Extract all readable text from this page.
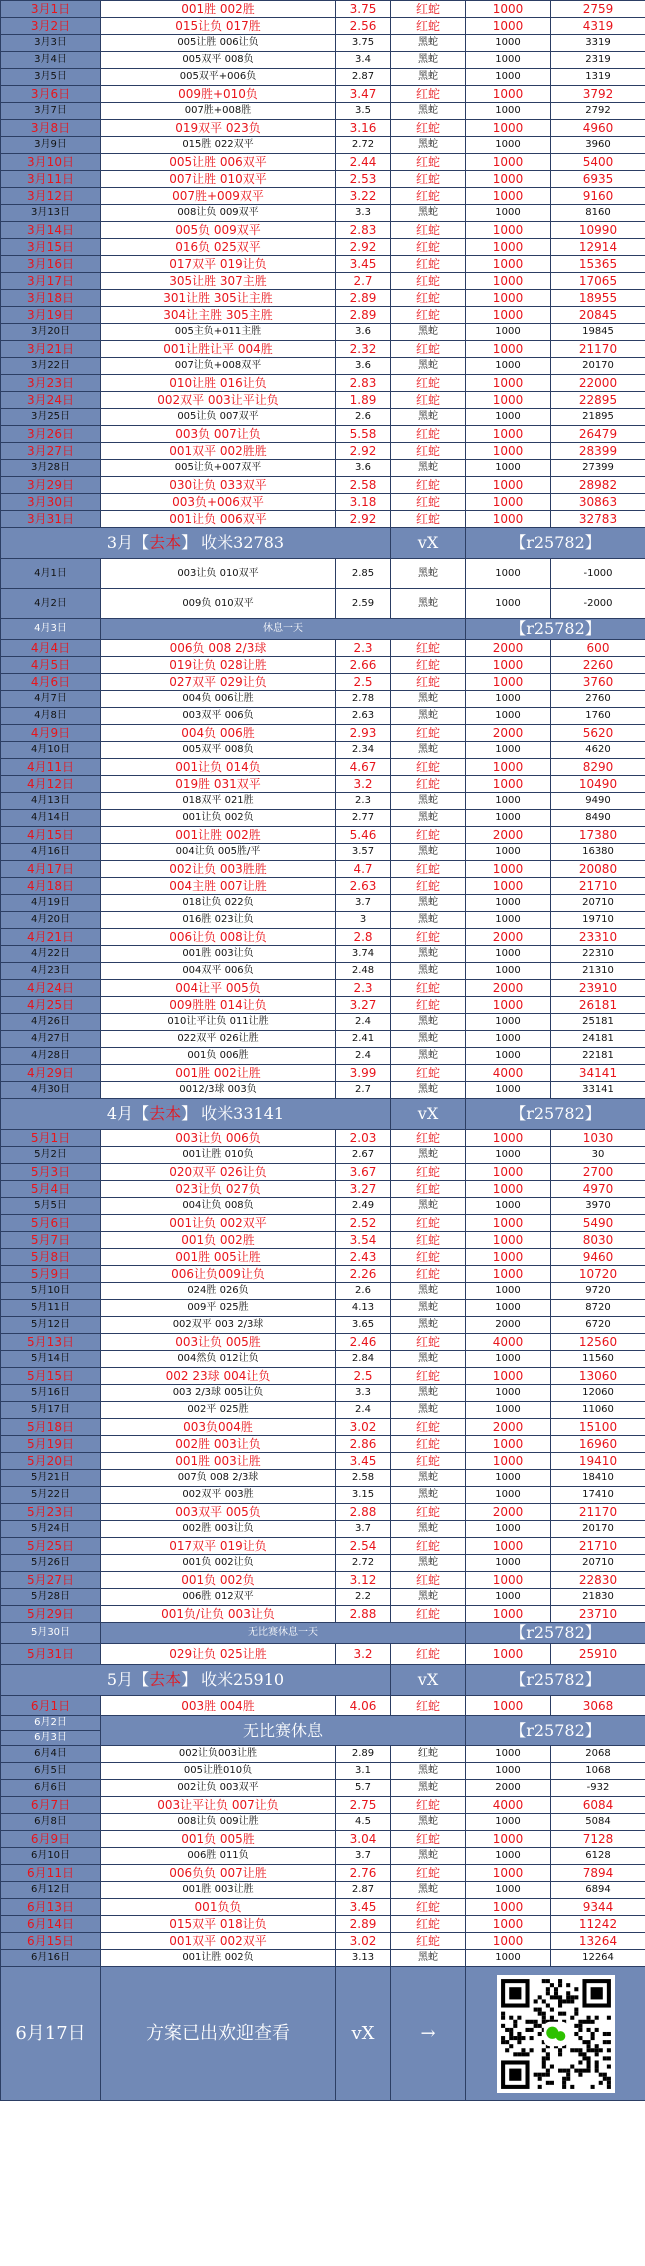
3月1日	001胜 002胜	3.75	红蛇	1000	2759
3月2日	015让负 017胜	2.56	红蛇	1000	4319
3月3日	005让胜 006让负	3.75	黑蛇	1000	3319
3月4日	005双平 008负	3.4	黑蛇	1000	2319
3月5日	005双平+006负	2.87	黑蛇	1000	1319
3月6日	009胜+010负	3.47	红蛇	1000	3792
3月7日	007胜+008胜	3.5	黑蛇	1000	2792
3月8日	019双平 023负	3.16	红蛇	1000	4960
3月9日	015胜 022双平	2.72	黑蛇	1000	3960
3月10日	005让胜 006双平	2.44	红蛇	1000	5400
3月11日	007让胜 010双平	2.53	红蛇	1000	6935
3月12日	007胜+009双平	3.22	红蛇	1000	9160
3月13日	008让负 009双平	3.3	黑蛇	1000	8160
3月14日	005负 009双平	2.83	红蛇	1000	10990
3月15日	016负 025双平	2.92	红蛇	1000	12914
3月16日	017双平 019让负	3.45	红蛇	1000	15365
3月17日	305让胜 307主胜	2.7	红蛇	1000	17065
3月18日	301让胜 305让主胜	2.89	红蛇	1000	18955
3月19日	304让主胜 305主胜	2.89	红蛇	1000	20845
3月20日	005主负+011主胜	3.6	黑蛇	1000	19845
3月21日	001让胜让平 004胜	2.32	红蛇	1000	21170
3月22日	007让负+008双平	3.6	黑蛇	1000	20170
3月23日	010让胜 016让负	2.83	红蛇	1000	22000
3月24日	002双平 003让平让负	1.89	红蛇	1000	22895
3月25日	005让负 007双平	2.6	黑蛇	1000	21895
3月26日	003负 007让负	5.58	红蛇	1000	26479
3月27日	001双平 002胜胜	2.92	红蛇	1000	28399
3月28日	005让负+007双平	3.6	黑蛇	1000	27399
3月29日	030让负 033双平	2.58	红蛇	1000	28982
3月30日	003负+006双平	3.18	红蛇	1000	30863
3月31日	001让负 006双平	2.92	红蛇	1000	32783
3月【去本】 收米32783			vX	【r25782】	
4月1日	003让负 010双平	2.85	黑蛇	1000	-1000
4月2日	009负 010双平	2.59	黑蛇	1000	-2000
4月3日	休息一天			【r25782】	
4月4日	006负 008 2/3球	2.3	红蛇	2000	600
4月5日	019让负 028让胜	2.66	红蛇	1000	2260
4月6日	027双平 029让负	2.5	红蛇	1000	3760
4月7日	004负 006让胜	2.78	黑蛇	1000	2760
4月8日	003双平 006负	2.63	黑蛇	1000	1760
4月9日	004负 006胜	2.93	红蛇	2000	5620
4月10日	005双平 008负	2.34	黑蛇	1000	4620
4月11日	001让负 014负	4.67	红蛇	1000	8290
4月12日	019胜 031双平	3.2	红蛇	1000	10490
4月13日	018双平 021胜	2.3	黑蛇	1000	9490
4月14日	001让负 002负	2.77	黑蛇	1000	8490
4月15日	001让胜 002胜	5.46	红蛇	2000	17380
4月16日	004让负 005胜/平	3.57	黑蛇	1000	16380
4月17日	002让负 003胜胜	4.7	红蛇	1000	20080
4月18日	004主胜 007让胜	2.63	红蛇	1000	21710
4月19日	018让负 022负	3.7	黑蛇	1000	20710
4月20日	016胜 023让负	3	黑蛇	1000	19710
4月21日	006让负 008让负	2.8	红蛇	2000	23310
4月22日	001胜 003让负	3.74	黑蛇	1000	22310
4月23日	004双平 006负	2.48	黑蛇	1000	21310
4月24日	004让平 005负	2.3	红蛇	2000	23910
4月25日	009胜胜 014让负	3.27	红蛇	1000	26181
4月26日	010让平让负 011让胜	2.4	黑蛇	1000	25181
4月27日	022双平 026让胜	2.41	黑蛇	1000	24181
4月28日	001负 006胜	2.4	黑蛇	1000	22181
4月29日	001胜 002让胜	3.99	红蛇	4000	34141
4月30日	0012/3球 003负	2.7	黑蛇	1000	33141
4月【去本】 收米33141			vX	【r25782】	
5月1日	003让负 006负	2.03	红蛇	1000	1030
5月2日	001让胜 010负	2.67	黑蛇	1000	30
5月3日	020双平 026让负	3.67	红蛇	1000	2700
5月4日	023让负 027负	3.27	红蛇	1000	4970
5月5日	004让负 008负	2.49	黑蛇	1000	3970
5月6日	001让负 002双平	2.52	红蛇	1000	5490
5月7日	001负 002胜	3.54	红蛇	1000	8030
5月8日	001胜 005让胜	2.43	红蛇	1000	9460
5月9日	006让负009让负	2.26	红蛇	1000	10720
5月10日	024胜 026负	2.6	黑蛇	1000	9720
5月11日	009平 025胜	4.13	黑蛇	1000	8720
5月12日	002双平 003 2/3球	3.65	黑蛇	2000	6720
5月13日	003让负 005胜	2.46	红蛇	4000	12560
5月14日	004然负 012让负	2.84	黑蛇	1000	11560
5月15日	002 23球 004让负	2.5	红蛇	1000	13060
5月16日	003 2/3球 005让负	3.3	黑蛇	1000	12060
5月17日	002平 025胜	2.4	黑蛇	1000	11060
5月18日	003负004胜	3.02	红蛇	2000	15100
5月19日	002胜 003让负	2.86	红蛇	1000	16960
5月20日	001胜 003让胜	3.45	红蛇	1000	19410
5月21日	007负 008 2/3球	2.58	黑蛇	1000	18410
5月22日	002双平 003胜	3.15	黑蛇	1000	17410
5月23日	003双平 005负	2.88	红蛇	2000	21170
5月24日	002胜 003让负	3.7	黑蛇	1000	20170
5月25日	017双平 019让负	2.54	红蛇	1000	21710
5月26日	001负 002让负	2.72	黑蛇	1000	20710
5月27日	001负 002负	3.12	红蛇	1000	22830
5月28日	006胜 012双平	2.2	黑蛇	1000	21830
5月29日	001负/让负 003让负	2.88	红蛇	1000	23710
5月30日	无比赛休息一天			【r25782】	
5月31日	029让负 025让胜	3.2	红蛇	1000	25910
5月【去本】 收米25910			vX	【r25782】	
6月1日	003胜 004胜	4.06	红蛇	1000	3068
6月2日	无比赛休息			【r25782】	
6月3日					
6月4日	002让负003让胜	2.89	红蛇	1000	2068
6月5日	005让胜010负	3.1	黑蛇	1000	1068
6月6日	002让负 003双平	5.7	黑蛇	2000	-932
6月7日	003让平让负 007让负	2.75	红蛇	4000	6084
6月8日	008让负 009让胜	4.5	黑蛇	1000	5084
6月9日	001负 005胜	3.04	红蛇	1000	7128
6月10日	006胜 011负	3.7	黑蛇	1000	6128
6月11日	006负负 007让胜	2.76	红蛇	1000	7894
6月12日	001胜 003让胜	2.87	黑蛇	1000	6894
6月13日	001负负	3.45	红蛇	1000	9344
6月14日	015双平 018让负	2.89	红蛇	1000	11242
6月15日	001双平 002双平	3.02	红蛇	1000	13264
6月16日	001让胜 002负	3.13	黑蛇	1000	12264
6月17日	方案已出欢迎查看	vX	→	
